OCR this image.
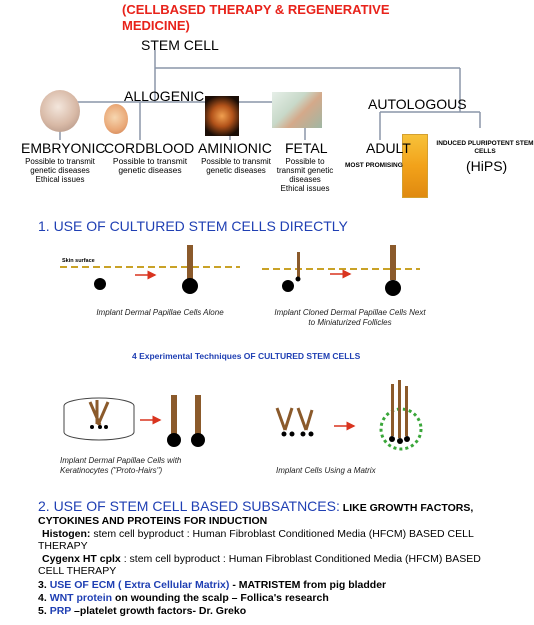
(CELLBASED THERAPY & REGENERATIVE
MEDICINE)
STEM CELL
ALLOGENIC	AUTOLOGOUS
EMBRYONIC
Possible to transmit
genetic diseases
Ethical issues
CORDBLOOD
Possible to transmit
genetic diseases
AMINIONIC
Possible to transmit
genetic diseases
FETAL
Possible to
transmit genetic
diseases
Ethical issues
ADULT
MOST PROMISING
INDUCED PLURIPOTENT STEM
CELLS
(HiPS)
1. USE OF CULTURED STEM CELLS DIRECTLY
Skin surface
Implant Dermal Papillae Cells Alone	Implant Cloned Dermal Papillae Cells Next
to Miniaturized Follicles
4 Experimental Techniques OF CULTURED STEM CELLS
Implant Dermal Papillae Cells with
Keratinocytes ("Proto-Hairs")	Implant Cells Using a Matrix
2. USE OF STEM CELL BASED SUBSATNCES: LIKE GROWTH FACTORS,
CYTOKINES AND PROTEINS FOR INDUCTION
Histogen: stem cell byproduct : Human Fibroblast Conditioned Media (HFCM) BASED CELL
THERAPY
Cygenx HT cplx : stem cell byproduct : Human Fibroblast Conditioned Media (HFCM) BASED
CELL THERAPY
3. USE OF ECM ( Extra Cellular Matrix) - MATRISTEM from pig bladder
4. WNT protein on wounding the scalp – Follica's research
5. PRP –platelet growth factors- Dr. Greko
